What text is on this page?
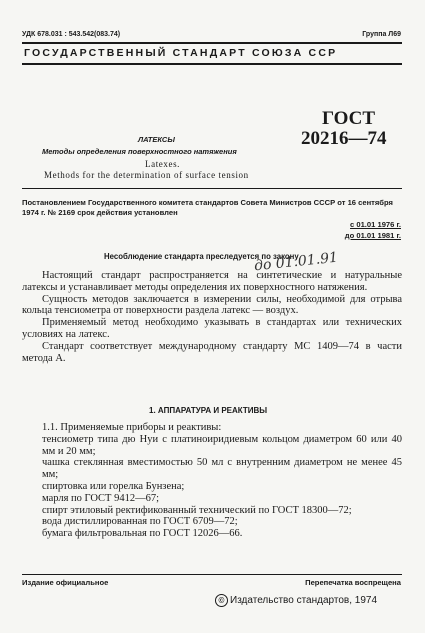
УДК 678.031 : 543.542(083.74)	Группа Л69
ГОСУДАРСТВЕННЫЙ СТАНДАРТ СОЮЗА ССР
ЛАТЕКСЫ
Методы определения поверхностного натяжения
Latexes.
Methods for the determination of surface tension
ГОСТ
20216—74
Постановлением Государственного комитета стандартов Совета Министров СССР от 16 сентября 1974 г. № 2169 срок действия установлен
с 01.01 1976 г.
до 01.01 1981 г.
Несоблюдение стандарта преследуется по закону
до 01.01.91

Настоящий стандарт распространяется на синтетические и натуральные латексы и устанавливает методы определения их поверхностного натяжения.

Сущность методов заключается в измерении силы, необходимой для отрыва кольца тенсиометра от поверхности раздела латекс — воздух.

Применяемый метод необходимо указывать в стандартах или технических условиях на латекс.

Стандарт соответствует международному стандарту МС 1409—74 в части метода А.

1. АППАРАТУРА И РЕАКТИВЫ

1.1. Применяемые приборы и реактивы:

тенсиометр типа дю Нуи с платиноиридиевым кольцом диаметром 60 или 40 мм и 20 мм;

чашка стеклянная вместимостью 50 мл с внутренним диаметром не менее 45 мм;

спиртовка или горелка Бунзена;

марля по ГОСТ 9412—67;

спирт этиловый ректификованный технический по ГОСТ 18300—72;

вода дистиллированная по ГОСТ 6709—72;

бумага фильтровальная по ГОСТ 12026—66.

Издание официальное	Перепечатка воспрещена
© Издательство стандартов, 1974
